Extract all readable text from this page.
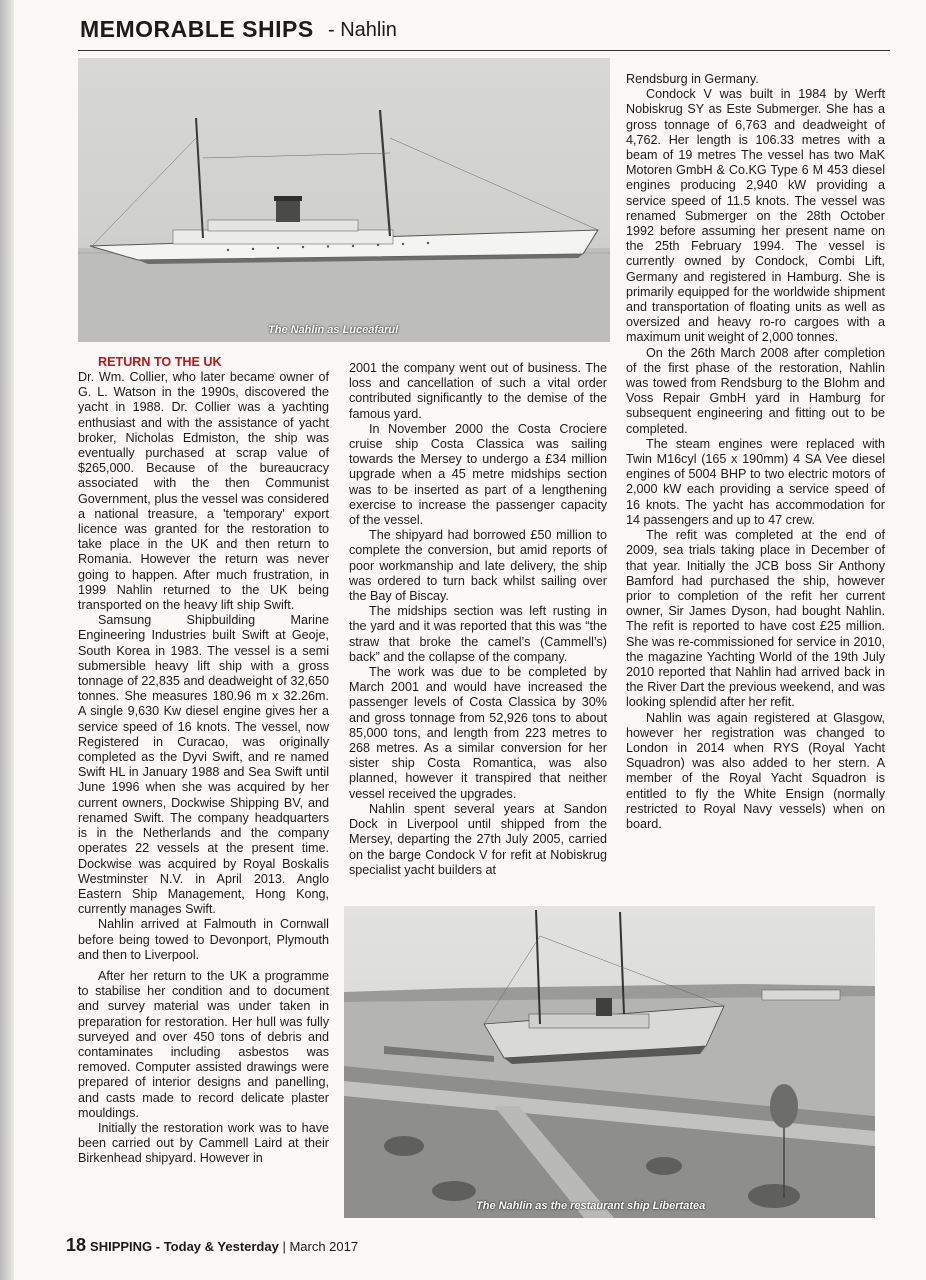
MEMORABLE SHIPS - Nahlin
The Nahlin as Luceafarul

RETURN TO THE UK

Dr. Wm. Collier, who later became owner of G. L. Watson in the 1990s, discovered the yacht in 1988. Dr. Collier was a yachting enthusiast and with the assistance of yacht broker, Nicholas Edmiston, the ship was eventually purchased at scrap value of $265,000. Because of the bureaucracy associated with the then Communist Government, plus the vessel was considered a national treasure, a 'temporary' export licence was granted for the restoration to take place in the UK and then return to Romania. However the return was never going to happen. After much frustration, in 1999 Nahlin returned to the UK being transported on the heavy lift ship Swift.

Samsung Shipbuilding Marine Engineering Industries built Swift at Geoje, South Korea in 1983. The vessel is a semi submersible heavy lift ship with a gross tonnage of 22,835 and deadweight of 32,650 tonnes. She measures 180.96 m x 32.26m. A single 9,630 Kw diesel engine gives her a service speed of 16 knots. The vessel, now Registered in Curacao, was originally completed as the Dyvi Swift, and re named Swift HL in January 1988 and Sea Swift until June 1996 when she was acquired by her current owners, Dockwise Shipping BV, and renamed Swift. The company headquarters is in the Netherlands and the company operates 22 vessels at the present time. Dockwise was acquired by Royal Boskalis Westminster N.V. in April 2013. Anglo Eastern Ship Management, Hong Kong, currently manages Swift.

Nahlin arrived at Falmouth in Cornwall before being towed to Devonport, Plymouth and then to Liverpool.

After her return to the UK a programme to stabilise her condition and to document and survey material was under taken in preparation for restoration. Her hull was fully surveyed and over 450 tons of debris and contaminates including asbestos was removed. Computer assisted drawings were prepared of interior designs and panelling, and casts made to record delicate plaster mouldings.

Initially the restoration work was to have been carried out by Cammell Laird at their Birkenhead shipyard. However in

2001 the company went out of business. The loss and cancellation of such a vital order contributed significantly to the demise of the famous yard.

In November 2000 the Costa Crociere cruise ship Costa Classica was sailing towards the Mersey to undergo a £34 million upgrade when a 45 metre midships section was to be inserted as part of a lengthening exercise to increase the passenger capacity of the vessel.

The shipyard had borrowed £50 million to complete the conversion, but amid reports of poor workmanship and late delivery, the ship was ordered to turn back whilst sailing over the Bay of Biscay.

The midships section was left rusting in the yard and it was reported that this was “the straw that broke the camel’s (Cammell’s) back” and the collapse of the company.

The work was due to be completed by March 2001 and would have increased the passenger levels of Costa Classica by 30% and gross tonnage from 52,926 tons to about 85,000 tons, and length from 223 metres to 268 metres. As a similar conversion for her sister ship Costa Romantica, was also planned, however it transpired that neither vessel received the upgrades.

Nahlin spent several years at Sandon Dock in Liverpool until shipped from the Mersey, departing the 27th July 2005, carried on the barge Condock V for refit at Nobiskrug specialist yacht builders at

Rendsburg in Germany.

Condock V was built in 1984 by Werft Nobiskrug SY as Este Submerger. She has a gross tonnage of 6,763 and deadweight of 4,762. Her length is 106.33 metres with a beam of 19 metres The vessel has two MaK Motoren GmbH & Co.KG Type 6 M 453 diesel engines producing 2,940 kW providing a service speed of 11.5 knots. The vessel was renamed Submerger on the 28th October 1992 before assuming her present name on the 25th February 1994. The vessel is currently owned by Condock, Combi Lift, Germany and registered in Hamburg. She is primarily equipped for the worldwide shipment and transportation of floating units as well as oversized and heavy ro-ro cargoes with a maximum unit weight of 2,000 tonnes.

On the 26th March 2008 after completion of the first phase of the restoration, Nahlin was towed from Rendsburg to the Blohm and Voss Repair GmbH yard in Hamburg for subsequent engineering and fitting out to be completed.

The steam engines were replaced with Twin M16cyl (165 x 190mm) 4 SA Vee diesel engines of 5004 BHP to two electric motors of 2,000 kW each providing a service speed of 16 knots. The yacht has accommodation for 14 passengers and up to 47 crew.

The refit was completed at the end of 2009, sea trials taking place in December of that year. Initially the JCB boss Sir Anthony Bamford had purchased the ship, however prior to completion of the refit her current owner, Sir James Dyson, had bought Nahlin. The refit is reported to have cost £25 million. She was re-commissioned for service in 2010, the magazine Yachting World of the 19th July 2010 reported that Nahlin had arrived back in the River Dart the previous weekend, and was looking splendid after her refit.

Nahlin was again registered at Glasgow, however her registration was changed to London in 2014 when RYS (Royal Yacht Squadron) was also added to her stern. A member of the Royal Yacht Squadron is entitled to fly the White Ensign (normally restricted to Royal Navy vessels) when on board.

The Nahlin as the restaurant ship Libertatea
18 SHIPPING - Today & Yesterday | March 2017
